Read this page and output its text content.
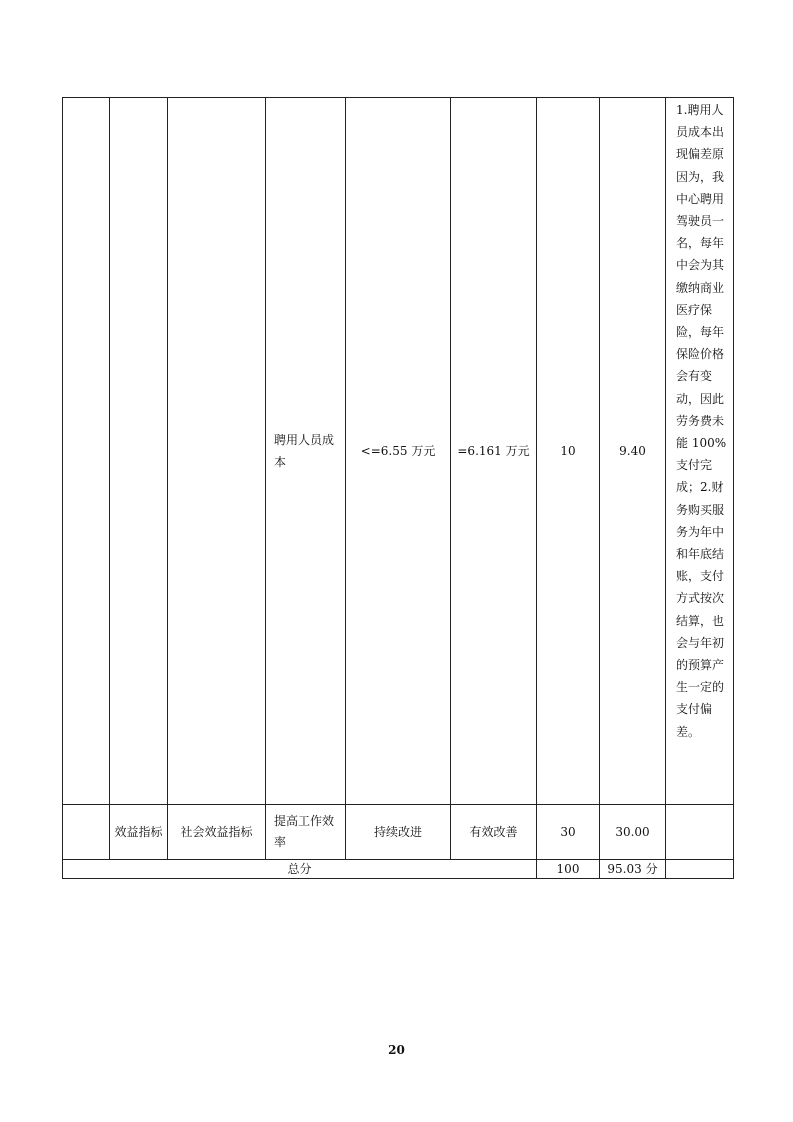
			聘用人员成本	<=6.55 万元	=6.161 万元	10	9.40	1.聘用人员成本出现偏差原因为，我中心聘用驾驶员一名，每年中会为其缴纳商业医疗保险，每年保险价格会有变动，因此劳务费未能 100%支付完成；2.财务购买服务为年中和年底结账，支付方式按次结算，也会与年初的预算产生一定的支付偏差。
	效益指标	社会效益指标	提高工作效率	持续改进	有效改善	30	30.00	
总分						100	95.03 分	
20
